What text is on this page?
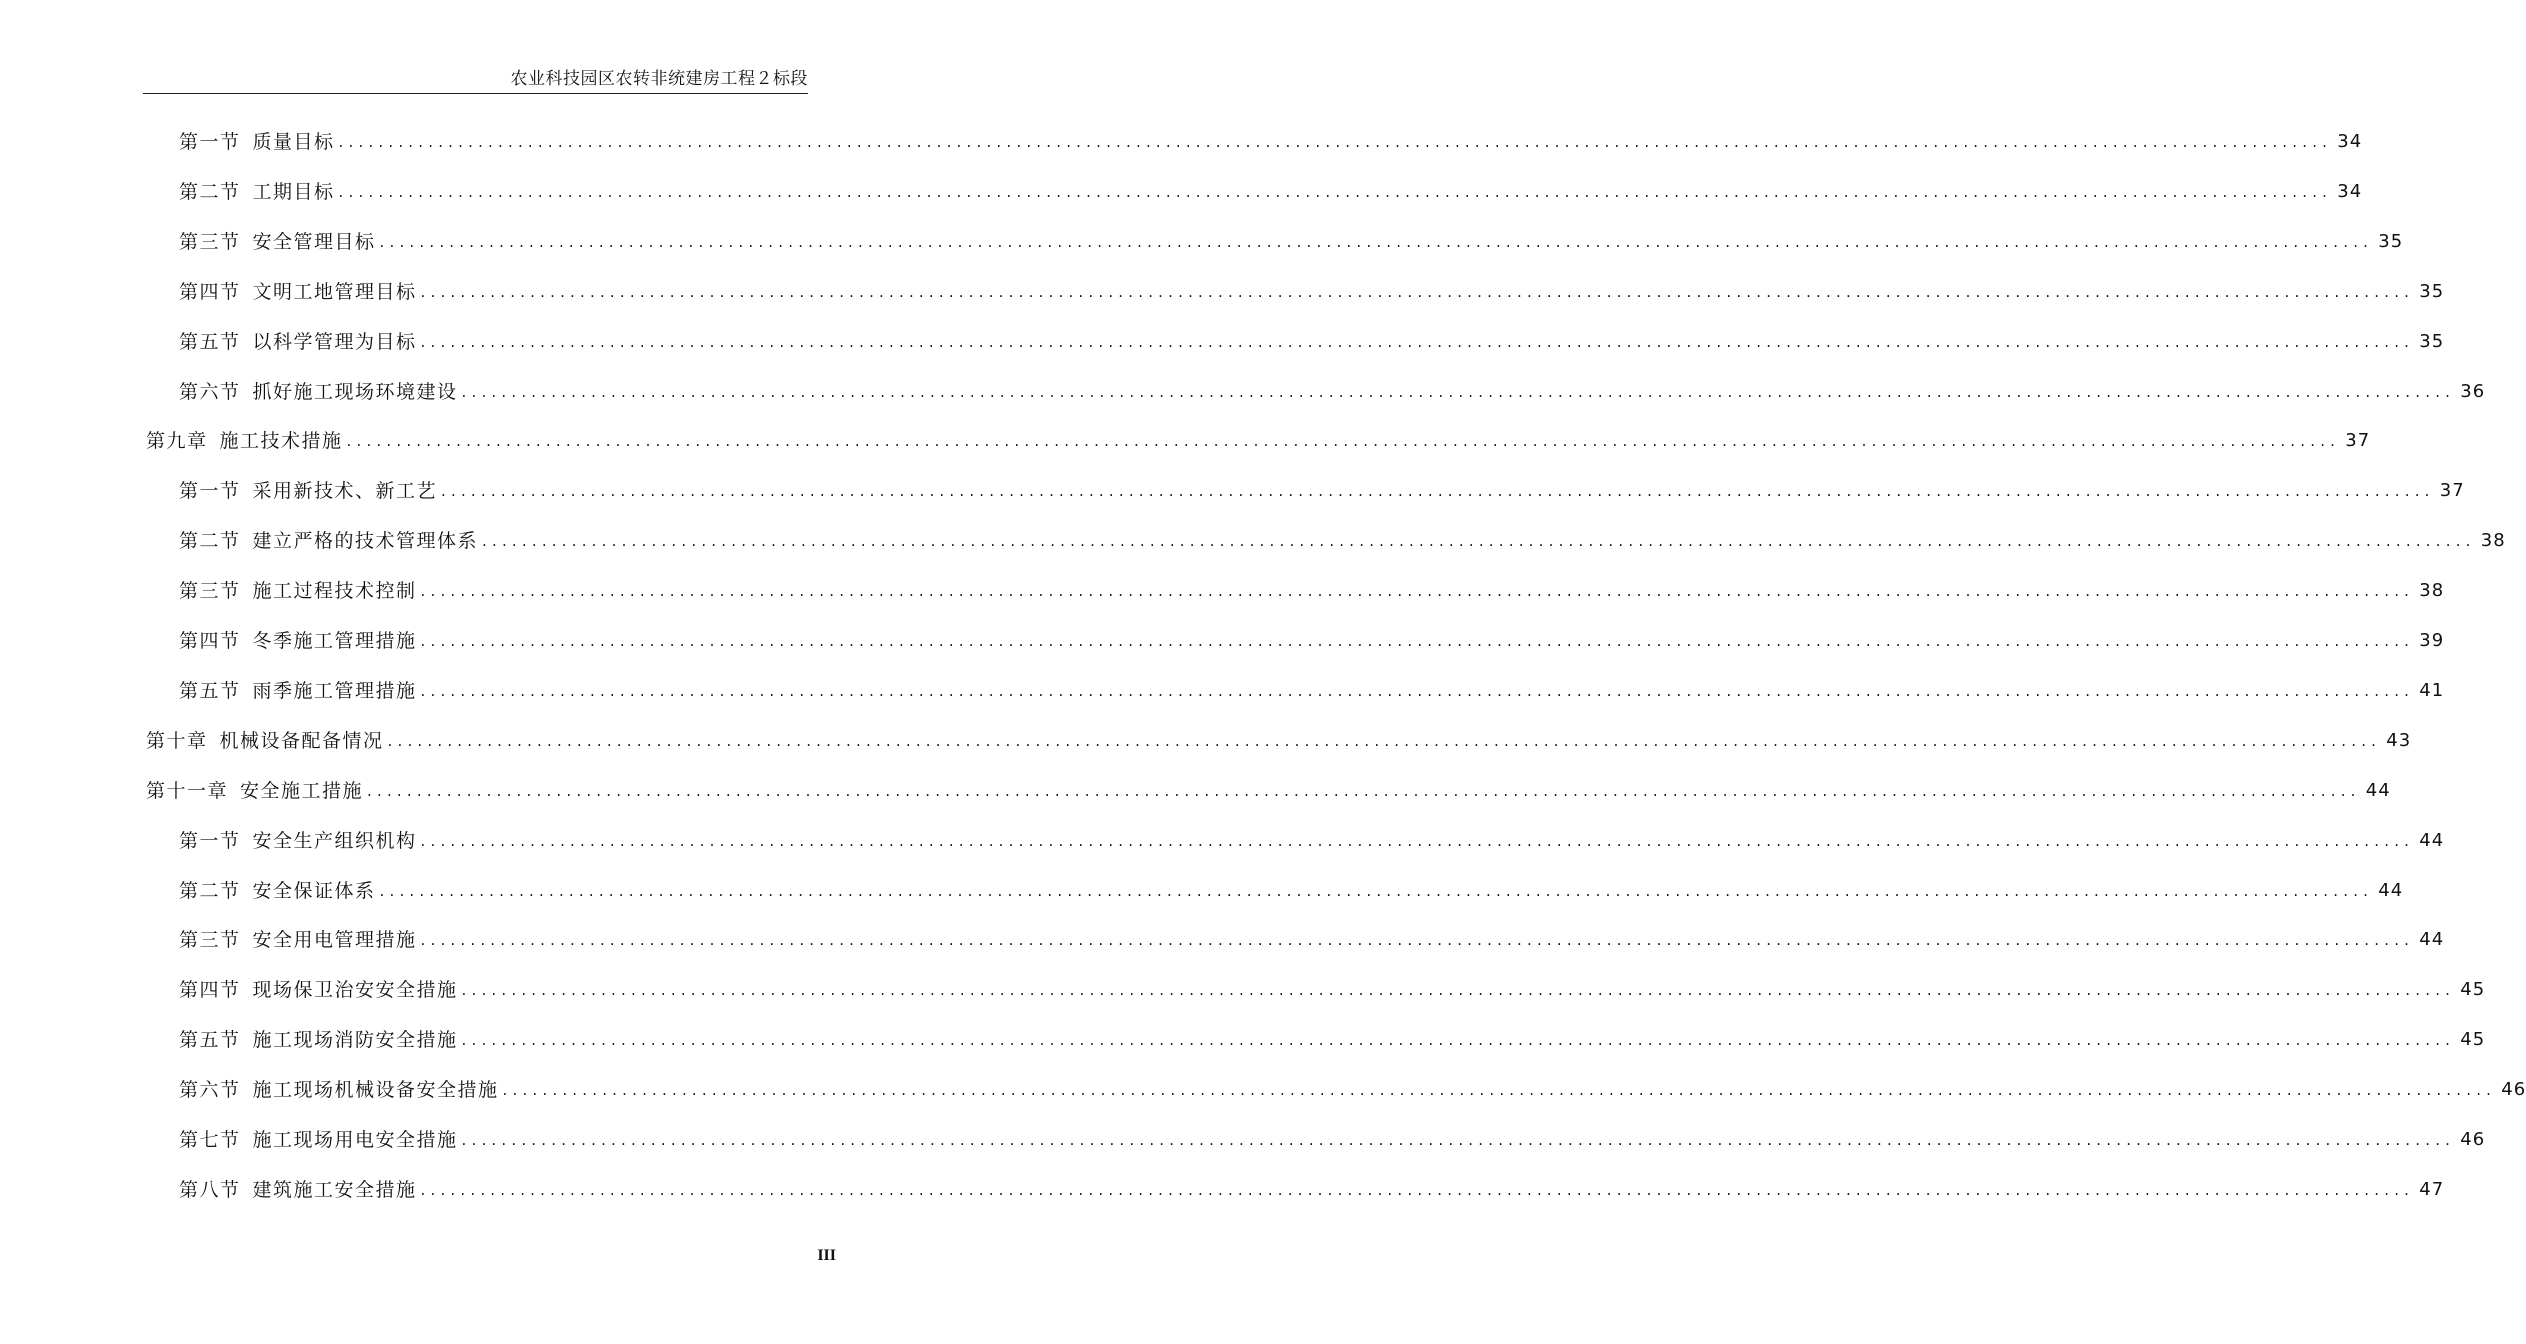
农业科技园区农转非统建房工程２标段
第一节 质量目标 ........................................................................................................................................................................................................ 34
第二节 工期目标 ........................................................................................................................................................................................................ 34
第三节 安全管理目标 ........................................................................................................................................................................................................ 35
第四节 文明工地管理目标 ........................................................................................................................................................................................................ 35
第五节 以科学管理为目标 ........................................................................................................................................................................................................ 35
第六节 抓好施工现场环境建设 ........................................................................................................................................................................................................ 36
第九章 施工技术措施 ........................................................................................................................................................................................................ 37
第一节 采用新技术、新工艺 ........................................................................................................................................................................................................ 37
第二节 建立严格的技术管理体系 ........................................................................................................................................................................................................ 38
第三节 施工过程技术控制 ........................................................................................................................................................................................................ 38
第四节 冬季施工管理措施 ........................................................................................................................................................................................................ 39
第五节 雨季施工管理措施 ........................................................................................................................................................................................................ 41
第十章 机械设备配备情况 ........................................................................................................................................................................................................ 43
第十一章 安全施工措施 ........................................................................................................................................................................................................ 44
第一节 安全生产组织机构 ........................................................................................................................................................................................................ 44
第二节 安全保证体系 ........................................................................................................................................................................................................ 44
第三节 安全用电管理措施 ........................................................................................................................................................................................................ 44
第四节 现场保卫治安安全措施 ........................................................................................................................................................................................................ 45
第五节 施工现场消防安全措施 ........................................................................................................................................................................................................ 45
第六节 施工现场机械设备安全措施 ........................................................................................................................................................................................................ 46
第七节 施工现场用电安全措施 ........................................................................................................................................................................................................ 46
第八节 建筑施工安全措施 ........................................................................................................................................................................................................ 47
III
